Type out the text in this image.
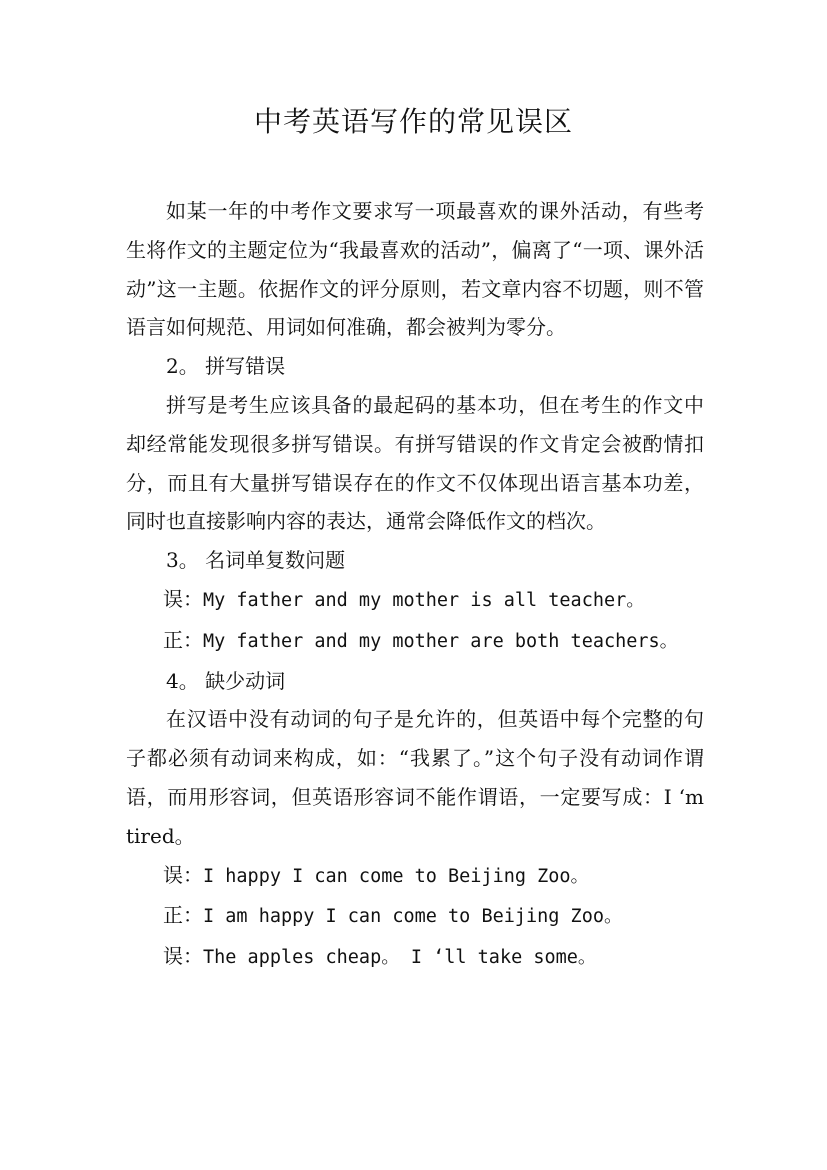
中考英语写作的常见误区

如某一年的中考作文要求写一项最喜欢的课外活动，有些考生将作文的主题定位为“我最喜欢的活动”，偏离了“一项、课外活动”这一主题。依据作文的评分原则，若文章内容不切题，则不管语言如何规范、用词如何准确，都会被判为零分。

2。 拼写错误

拼写是考生应该具备的最起码的基本功，但在考生的作文中却经常能发现很多拼写错误。有拼写错误的作文肯定会被酌情扣分，而且有大量拼写错误存在的作文不仅体现出语言基本功差，同时也直接影响内容的表达，通常会降低作文的档次。

3。 名词单复数问题

误：My father and my mother is all teacher。

正：My father and my mother are both teachers。

4。 缺少动词

在汉语中没有动词的句子是允许的，但英语中每个完整的句子都必须有动词来构成，如：“我累了。”这个句子没有动词作谓语，而用形容词，但英语形容词不能作谓语，一定要写成：I ‘m tired。

误：I happy I can come to Beijing Zoo。

正：I am happy I can come to Beijing Zoo。

误：The apples cheap。 I ‘ll take some。
